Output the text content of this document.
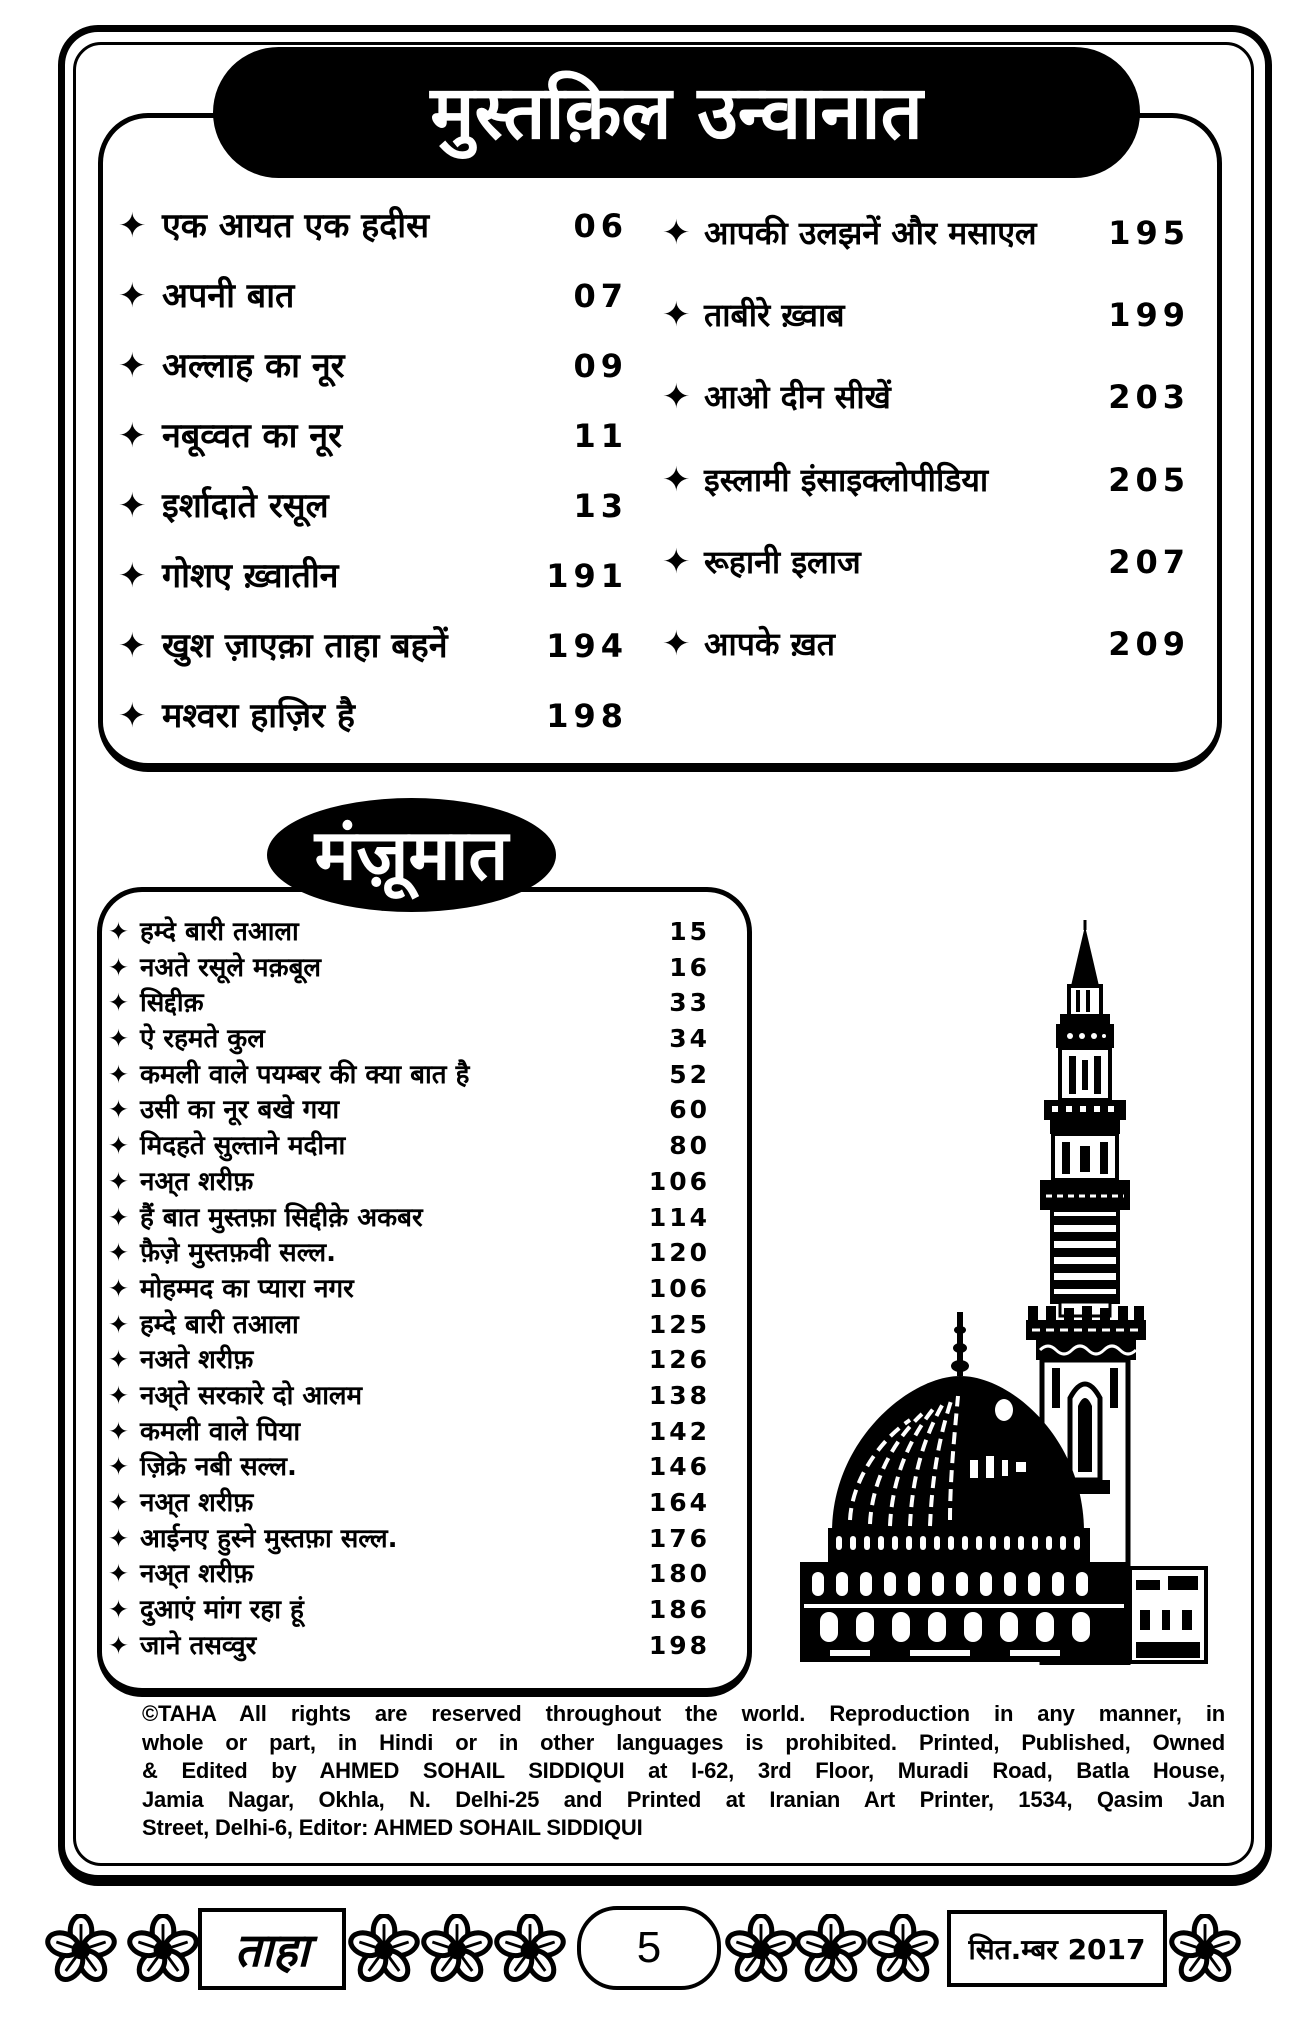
मुस्तक़िल उन्वानात
✦एक आयत एक हदीस	06
✦अपनी बात	07
✦अल्लाह का नूर	09
✦नबूव्वत का नूर	11
✦इर्शादाते रसूल	13
✦गोशए ख़्वातीन	191
✦खुश ज़ाएक़ा ताहा बहनें	194
✦मश्वरा हाज़िर है	198
✦आपकी उलझनें और मसाएल 195
✦ताबीरे ख़्वाब	199
✦आओ दीन सीखें	203
✦इस्लामी इंसाइक्लोपीडिया	205
✦रूहानी इलाज	207
✦आपके ख़त	209
मंज़ूमात
✦हम्दे बारी तआला	15
✦नअते रसूले मक़बूल	16
✦सिद्दीक़	33
✦ऐ रहमते कुल	34
✦कमली वाले पयम्बर की क्या बात है	52
✦उसी का नूर बखे गया	60
✦मिदहते सुल्ताने मदीना	80
✦नअ्त शरीफ़	106
✦हैं बात मुस्तफ़ा सिद्दीक़े अकबर	114
✦फ़ैज़े मुस्तफ़वी सल्ल.	120
✦मोहम्मद का प्यारा नगर	106
✦हम्दे बारी तआला	125
✦नअते शरीफ़	126
✦नअ्ते सरकारे दो आलम	138
✦कमली वाले पिया	142
✦ज़िक्रे नबी सल्ल.	146
✦नअ्त शरीफ़	164
✦आईनए हुस्ने मुस्तफ़ा सल्ल.	176
✦नअ्त शरीफ़	180
✦दुआएं मांग रहा हूं	186
✦जाने तसव्वुर	198
©TAHA All rights are reserved throughout the world. Reproduction in any manner, in
whole or part, in Hindi or in other languages is prohibited. Printed, Published, Owned
& Edited by AHMED SOHAIL SIDDIQUI at I-62, 3rd Floor, Muradi Road, Batla House,
Jamia Nagar, Okhla, N. Delhi-25 and Printed at Iranian Art Printer, 1534, Qasim Jan
Street, Delhi-6, Editor: AHMED SOHAIL SIDDIQUI
ताहा	5	सित.म्बर 2017
